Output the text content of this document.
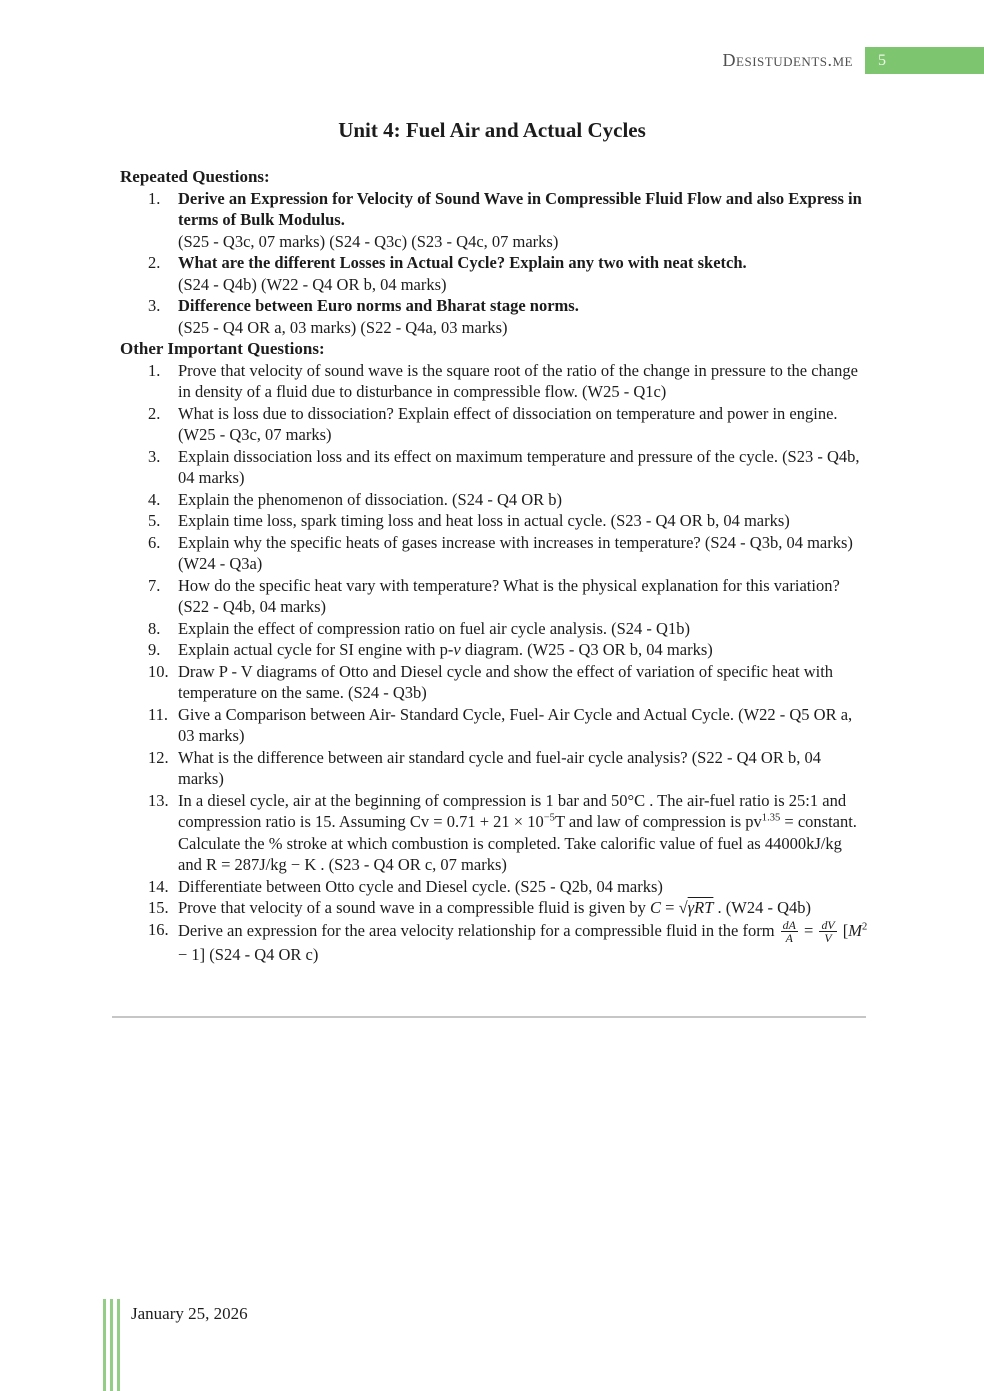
Desistudents.me 5
Unit 4: Fuel Air and Actual Cycles
Repeated Questions:
1.	Derive an Expression for Velocity of Sound Wave in Compressible Fluid Flow and also Express in terms of Bulk Modulus.
(S25 - Q3c, 07 marks) (S24 - Q3c) (S23 - Q4c, 07 marks)
2.	What are the different Losses in Actual Cycle? Explain any two with neat sketch.
(S24 - Q4b) (W22 - Q4 OR b, 04 marks)
3.	Difference between Euro norms and Bharat stage norms.
(S25 - Q4 OR a, 03 marks) (S22 - Q4a, 03 marks)
Other Important Questions:
1.	Prove that velocity of sound wave is the square root of the ratio of the change in pressure to the change in density of a fluid due to disturbance in compressible flow. (W25 - Q1c)
2.	What is loss due to dissociation? Explain effect of dissociation on temperature and power in engine. (W25 - Q3c, 07 marks)
3.	Explain dissociation loss and its effect on maximum temperature and pressure of the cycle. (S23 - Q4b, 04 marks)
4.	Explain the phenomenon of dissociation. (S24 - Q4 OR b)
5.	Explain time loss, spark timing loss and heat loss in actual cycle. (S23 - Q4 OR b, 04 marks)
6.	Explain why the specific heats of gases increase with increases in temperature? (S24 - Q3b, 04 marks) (W24 - Q3a)
7.	How do the specific heat vary with temperature? What is the physical explanation for this variation? (S22 - Q4b, 04 marks)
8.	Explain the effect of compression ratio on fuel air cycle analysis. (S24 - Q1b)
9.	Explain actual cycle for SI engine with p-v diagram. (W25 - Q3 OR b, 04 marks)
10. Draw P - V diagrams of Otto and Diesel cycle and show the effect of variation of specific heat with temperature on the same. (S24 - Q3b)
11. Give a Comparison between Air- Standard Cycle, Fuel- Air Cycle and Actual Cycle. (W22 - Q5 OR a, 03 marks)
12. What is the difference between air standard cycle and fuel-air cycle analysis? (S22 - Q4 OR b, 04 marks)
13. In a diesel cycle, air at the beginning of compression is 1 bar and 50°C . The air-fuel ratio is 25:1 and compression ratio is 15. Assuming $Cv = 0.71 + 21 \times 10^{-5}T$ and law of compression is $pv^{1.35}$ = constant. Calculate the % stroke at which combustion is completed. Take calorific value of fuel as 44000kJ/kg and R = 287J/kg − K . (S23 - Q4 OR c, 07 marks)
14. Differentiate between Otto cycle and Diesel cycle. (S25 - Q2b, 04 marks)
15. Prove that velocity of a sound wave in a compressible fluid is given by C = √γRT . (W24 - Q4b)
16. Derive an expression for the area velocity relationship for a compressible fluid in the form $\frac{dA}{A} = \frac{dV}{V} [M^2 - 1]$ (S24 - Q4 OR c)
January 25, 2026
